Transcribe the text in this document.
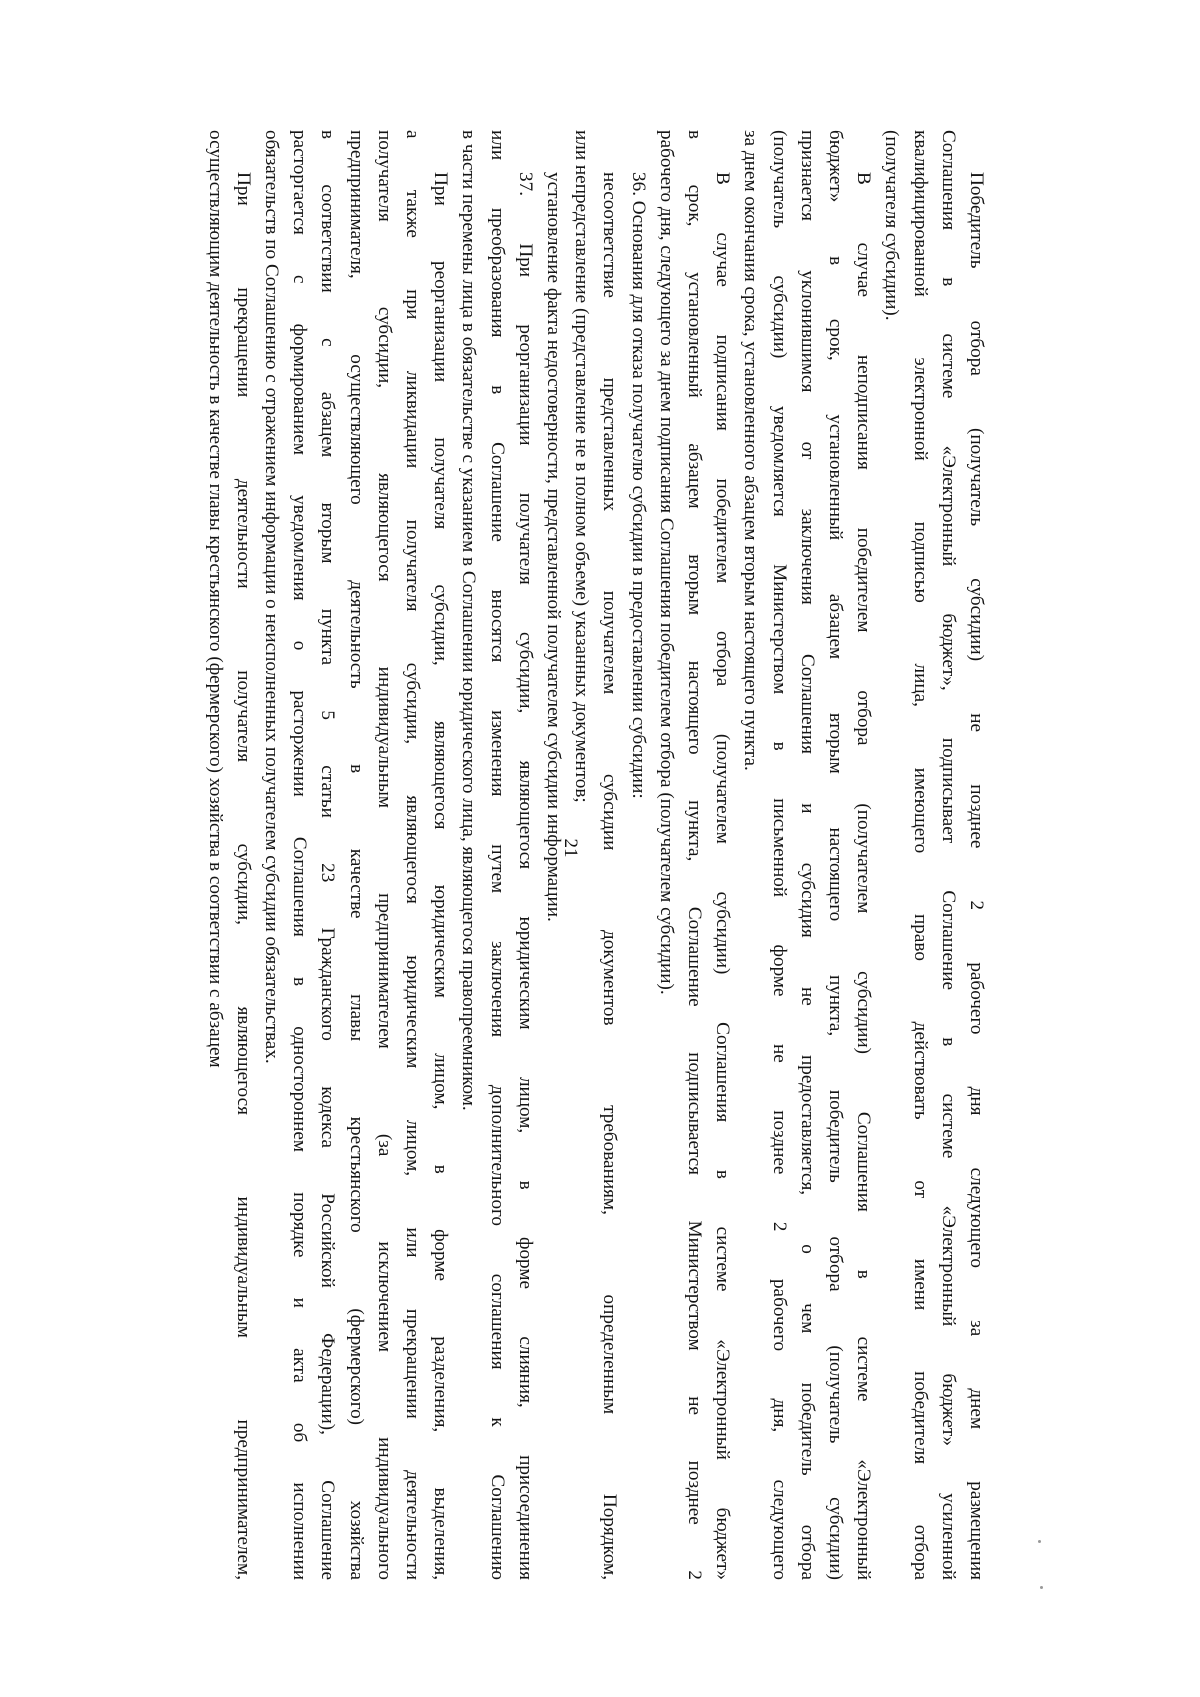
21	Победитель отбора (получатель субсидии) не позднее 2 рабочего дня следующего за днем размещения
Соглашения в системе «Электронный бюджет», подписывает Соглашение в системе «Электронный бюджет» усиленной
квалифицированной электронной подписью лица, имеющего право действовать от имени победителя отбора
(получателя субсидии).
В случае неподписания победителем отбора (получателем субсидии) Соглашения в системе «Электронный
бюджет» в срок, установленный абзацем вторым настоящего пункта, победитель отбора (получатель субсидии)
признается уклонившимся от заключения Соглашения и субсидия не предоставляется, о чем победитель отбора
(получатель субсидии) уведомляется Министерством в письменной форме не позднее 2 рабочего дня, следующего
за днем окончания срока, установленного абзацем вторым настоящего пункта.
В случае подписания победителем отбора (получателем субсидии) Соглашения в системе «Электронный бюджет»
в срок, установленный абзацем вторым настоящего пункта, Соглашение подписывается Министерством не позднее 2
рабочего дня, следующего за днем подписания Соглашения победителем отбора (получателем субсидии).
36. Основания для отказа получателю субсидии в предоставлении субсидии:
несоответствие представленных получателем субсидии документов требованиям, определенным Порядком,
или непредставление (представление не в полном объеме) указанных документов;
установление факта недостоверности, представленной получателем субсидии информации.
37. При реорганизации получателя субсидии, являющегося юридическим лицом, в форме слияния, присоединения
или преобразования в Соглашение вносятся изменения путем заключения дополнительного соглашения к Соглашению
в части перемены лица в обязательстве с указанием в Соглашении юридического лица, являющегося правопреемником.
При реорганизации получателя субсидии, являющегося юридическим лицом, в форме разделения, выделения,
а также при ликвидации получателя субсидии, являющегося юридическим лицом, или прекращении деятельности
получателя субсидии, являющегося индивидуальным предпринимателем (за исключением индивидуального
предпринимателя, осуществляющего деятельность в качестве главы крестьянского (фермерского) хозяйства
в соответствии с абзацем вторым пункта 5 статьи 23 Гражданского кодекса Российской Федерации), Соглашение
расторгается с формированием уведомления о расторжении Соглашения в одностороннем порядке и акта об исполнении
обязательств по Соглашению с отражением информации о неисполненных получателем субсидии обязательствах.
При прекращении деятельности получателя субсидии, являющегося индивидуальным предпринимателем,
осуществляющим деятельность в качестве главы крестьянского (фермерского) хозяйства в соответствии с абзацем
